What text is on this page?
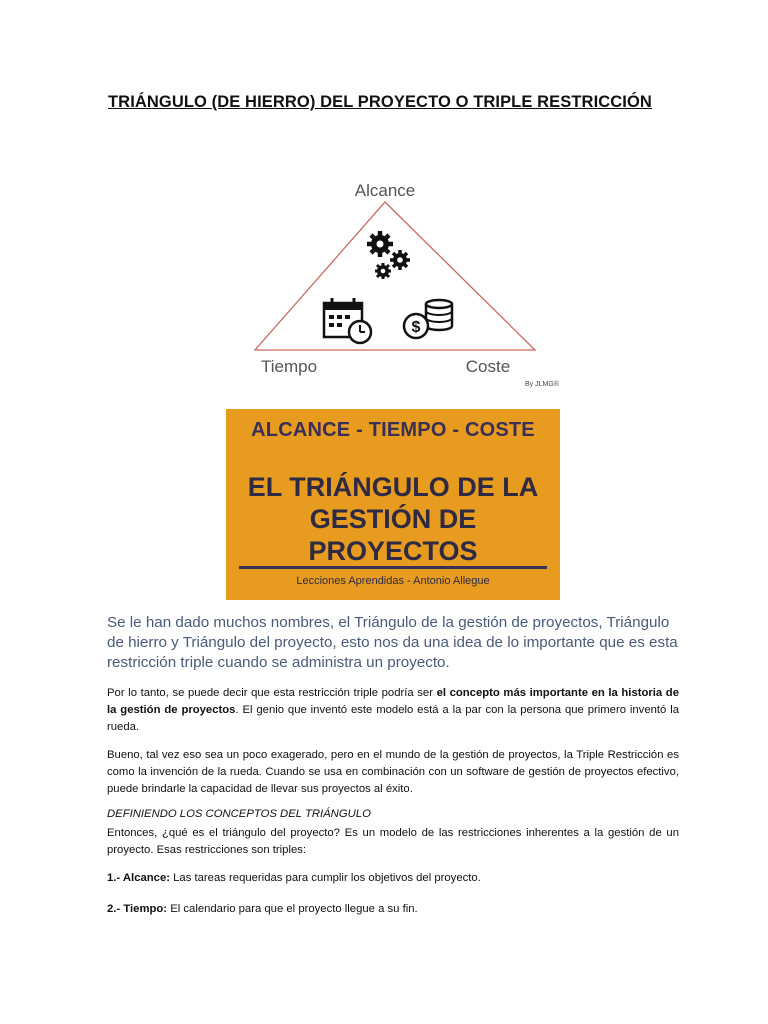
TRIÁNGULO (DE HIERRO) DEL PROYECTO O TRIPLE RESTRICCIÓN
Alcance
Tiempo	Coste
By JLMG®
$
ALCANCE - TIEMPO - COSTE
EL TRIÁNGULO DE LA
GESTIÓN DE
PROYECTOS
Lecciones Aprendidas - Antonio Allegue

Se le han dado muchos nombres, el Triángulo de la gestión de proyectos, Triángulo de hierro y Triángulo del proyecto, esto nos da una idea de lo importante que es esta restricción triple cuando se administra un proyecto.

Por lo tanto, se puede decir que esta restricción triple podría ser el concepto más importante en la historia de la gestión de proyectos. El genio que inventó este modelo está a la par con la persona que primero inventó la rueda.

Bueno, tal vez eso sea un poco exagerado, pero en el mundo de la gestión de proyectos, la Triple Restricción es como la invención de la rueda. Cuando se usa en combinación con un software de gestión de proyectos efectivo, puede brindarle la capacidad de llevar sus proyectos al éxito.

DEFINIENDO LOS CONCEPTOS DEL TRIÁNGULO

Entonces, ¿qué es el triángulo del proyecto? Es un modelo de las restricciones inherentes a la gestión de un proyecto. Esas restricciones son triples:

1.- Alcance: Las tareas requeridas para cumplir los objetivos del proyecto.

2.- Tiempo: El calendario para que el proyecto llegue a su fin.
